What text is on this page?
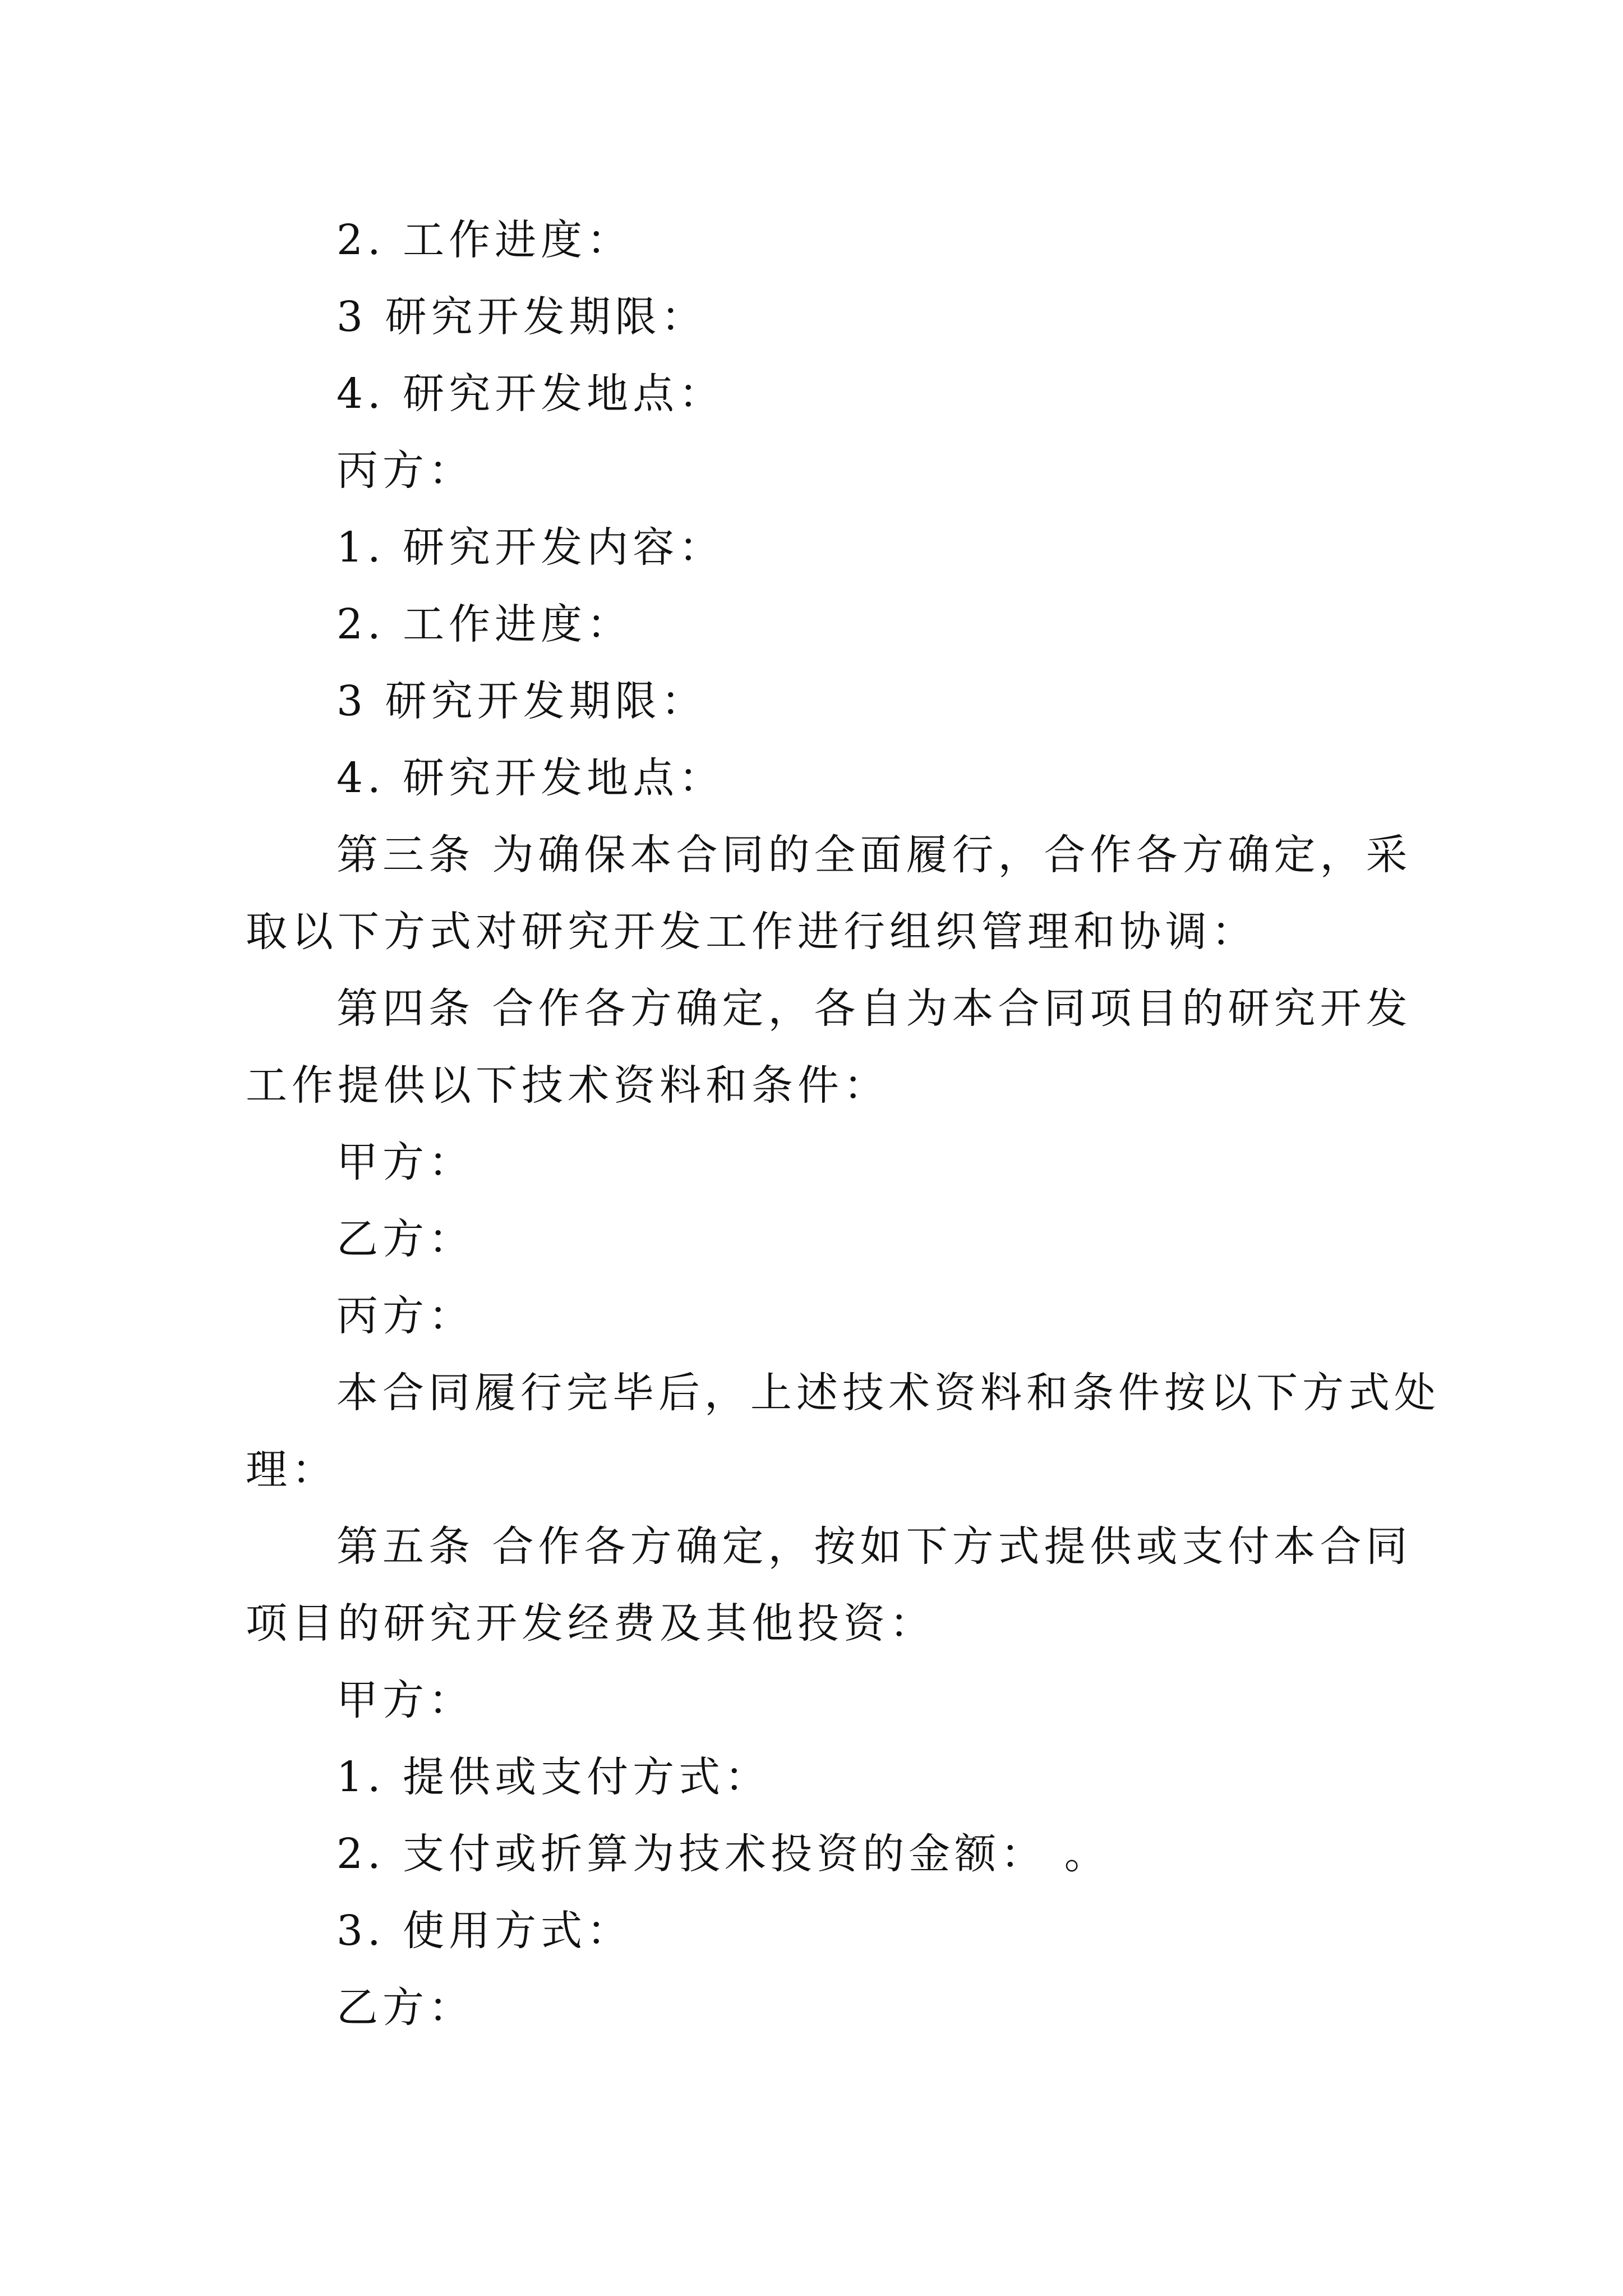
2. 工作进度：
3 研究开发期限：
4. 研究开发地点：
丙方：
1. 研究开发内容：
2. 工作进度：
3 研究开发期限：
4. 研究开发地点：
第三条 为确保本合同的全面履行，合作各方确定，采
取以下方式对研究开发工作进行组织管理和协调：
第四条 合作各方确定，各自为本合同项目的研究开发
工作提供以下技术资料和条件：
甲方：
乙方：
丙方：
本合同履行完毕后，上述技术资料和条件按以下方式处
理：
第五条 合作各方确定，按如下方式提供或支付本合同
项目的研究开发经费及其他投资：
甲方：
1. 提供或支付方式：
2. 支付或折算为技术投资的金额： 。
3. 使用方式：
乙方：
